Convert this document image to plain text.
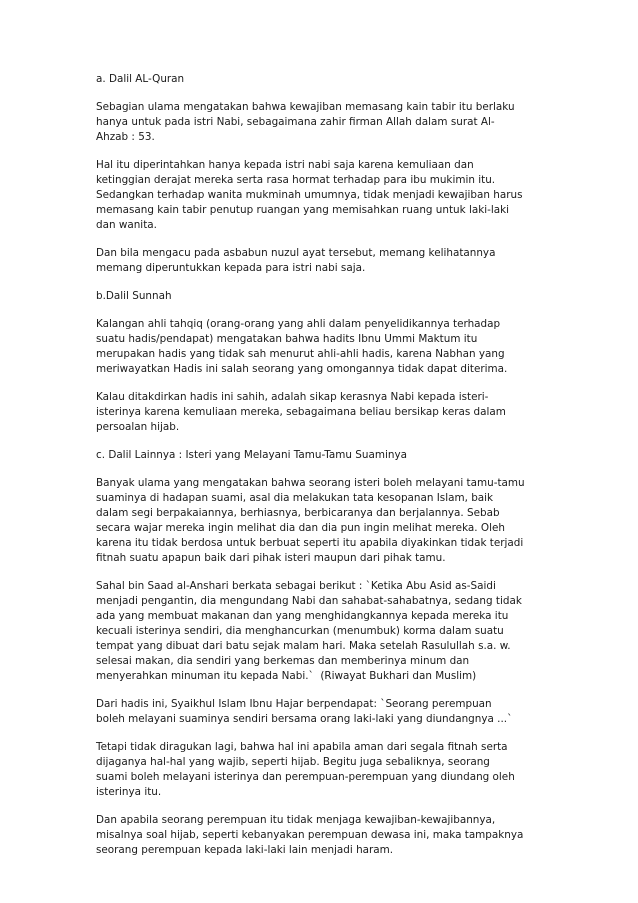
a. Dalil AL-Quran
Sebagian ulama mengatakan bahwa kewajiban memasang kain tabir itu berlaku
hanya untuk pada istri Nabi, sebagaimana zahir firman Allah dalam surat Al-
Ahzab : 53.
Hal itu diperintahkan hanya kepada istri nabi saja karena kemuliaan dan
ketinggian derajat mereka serta rasa hormat terhadap para ibu mukimin itu.
Sedangkan terhadap wanita mukminah umumnya, tidak menjadi kewajiban harus
memasang kain tabir penutup ruangan yang memisahkan ruang untuk laki-laki
dan wanita.
Dan bila mengacu pada asbabun nuzul ayat tersebut, memang kelihatannya
memang diperuntukkan kepada para istri nabi saja.
b.Dalil Sunnah
Kalangan ahli tahqiq (orang-orang yang ahli dalam penyelidikannya terhadap
suatu hadis/pendapat) mengatakan bahwa hadits Ibnu Ummi Maktum itu
merupakan hadis yang tidak sah menurut ahli-ahli hadis, karena Nabhan yang
meriwayatkan Hadis ini salah seorang yang omongannya tidak dapat diterima.
Kalau ditakdirkan hadis ini sahih, adalah sikap kerasnya Nabi kepada isteri-
isterinya karena kemuliaan mereka, sebagaimana beliau bersikap keras dalam
persoalan hijab.
c. Dalil Lainnya : Isteri yang Melayani Tamu-Tamu Suaminya
Banyak ulama yang mengatakan bahwa seorang isteri boleh melayani tamu-tamu
suaminya di hadapan suami, asal dia melakukan tata kesopanan Islam, baik
dalam segi berpakaiannya, berhiasnya, berbicaranya dan berjalannya. Sebab
secara wajar mereka ingin melihat dia dan dia pun ingin melihat mereka. Oleh
karena itu tidak berdosa untuk berbuat seperti itu apabila diyakinkan tidak terjadi
fitnah suatu apapun baik dari pihak isteri maupun dari pihak tamu.
Sahal bin Saad al-Anshari berkata sebagai berikut : `Ketika Abu Asid as-Saidi
menjadi pengantin, dia mengundang Nabi dan sahabat-sahabatnya, sedang tidak
ada yang membuat makanan dan yang menghidangkannya kepada mereka itu
kecuali isterinya sendiri, dia menghancurkan (menumbuk) korma dalam suatu
tempat yang dibuat dari batu sejak malam hari. Maka setelah Rasulullah s.a. w.
selesai makan, dia sendiri yang berkemas dan memberinya minum dan
menyerahkan minuman itu kepada Nabi.`  (Riwayat Bukhari dan Muslim)
Dari hadis ini, Syaikhul Islam Ibnu Hajar berpendapat: `Seorang perempuan
boleh melayani suaminya sendiri bersama orang laki-laki yang diundangnya ...`
Tetapi tidak diragukan lagi, bahwa hal ini apabila aman dari segala fitnah serta
dijaganya hal-hal yang wajib, seperti hijab. Begitu juga sebaliknya, seorang
suami boleh melayani isterinya dan perempuan-perempuan yang diundang oleh
isterinya itu.
Dan apabila seorang perempuan itu tidak menjaga kewajiban-kewajibannya,
misalnya soal hijab, seperti kebanyakan perempuan dewasa ini, maka tampaknya
seorang perempuan kepada laki-laki lain menjadi haram.
